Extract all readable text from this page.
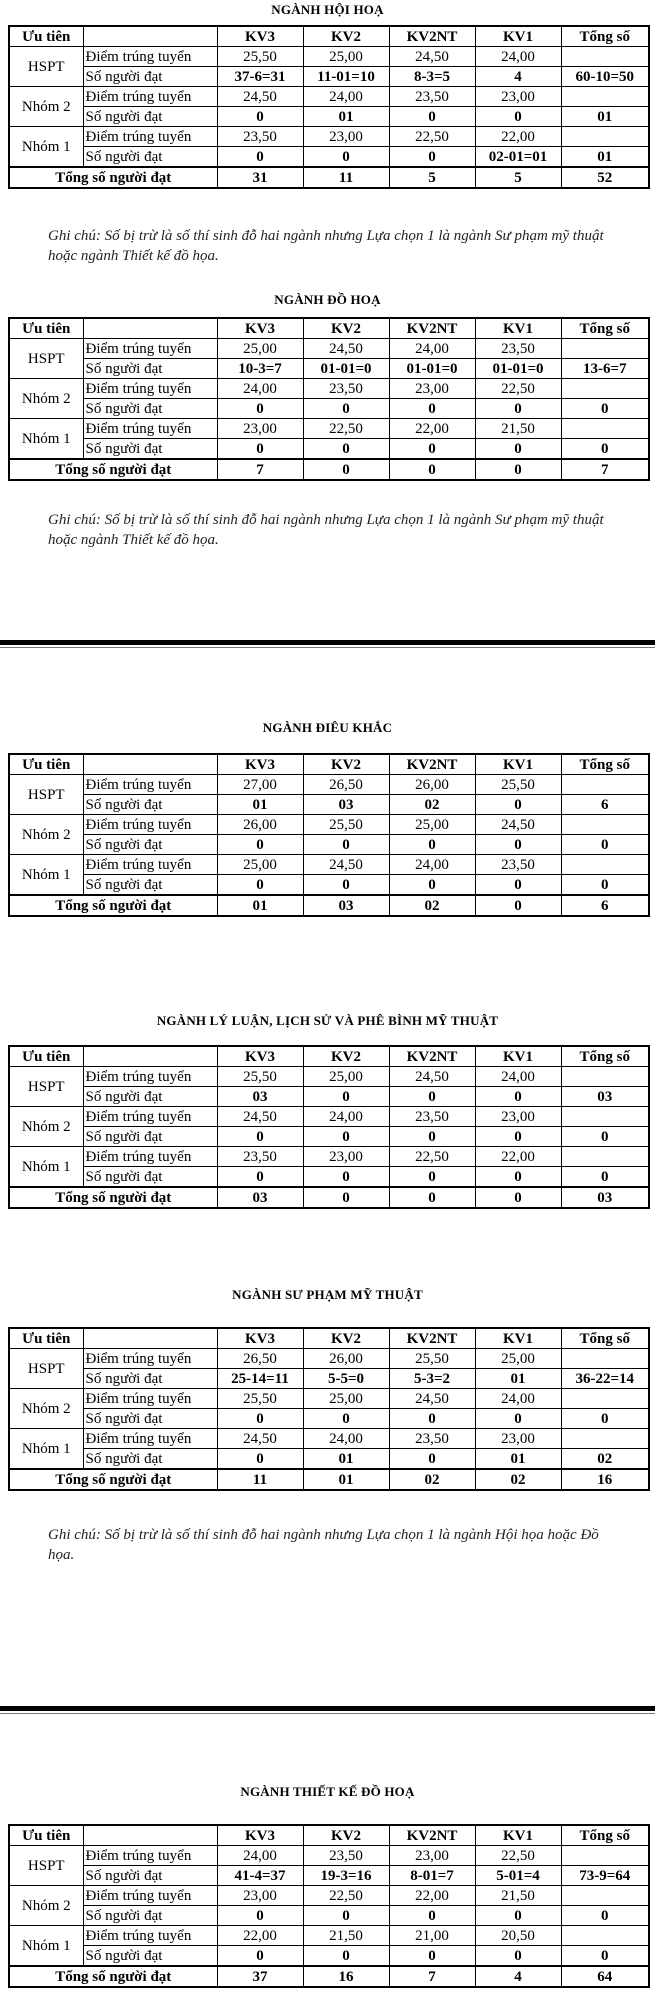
NGÀNH HỘI HOẠ
Ưu tiên		KV3	KV2	KV2NT	KV1	Tổng số
HSPT	Điểm trúng tuyển	25,50	25,00	24,50	24,00	
	Số người đạt	37-6=31	11-01=10	8-3=5	4	60-10=50
Nhóm 2	Điểm trúng tuyển	24,50	24,00	23,50	23,00	
	Số người đạt	0	01	0	0	01
Nhóm 1	Điểm trúng tuyển	23,50	23,00	22,50	22,00	
	Số người đạt	0	0	0	02-01=01	01
Tổng số người đạt		31	11	5	5	52
Ghi chú: Số bị trừ là số thí sinh đỗ hai ngành nhưng Lựa chọn 1 là ngành Sư phạm mỹ thuật hoặc ngành Thiết kế đồ họa.
NGÀNH ĐỒ HOẠ
Ưu tiên		KV3	KV2	KV2NT	KV1	Tổng số
HSPT	Điểm trúng tuyển	25,00	24,50	24,00	23,50	
	Số người đạt	10-3=7	01-01=0	01-01=0	01-01=0	13-6=7
Nhóm 2	Điểm trúng tuyển	24,00	23,50	23,00	22,50	
	Số người đạt	0	0	0	0	0
Nhóm 1	Điểm trúng tuyển	23,00	22,50	22,00	21,50	
	Số người đạt	0	0	0	0	0
Tổng số người đạt		7	0	0	0	7
Ghi chú: Số bị trừ là số thí sinh đỗ hai ngành nhưng Lựa chọn 1 là ngành Sư phạm mỹ thuật hoặc ngành Thiết kế đồ họa.
NGÀNH ĐIÊU KHẮC
Ưu tiên		KV3	KV2	KV2NT	KV1	Tổng số
HSPT	Điểm trúng tuyển	27,00	26,50	26,00	25,50	
	Số người đạt	01	03	02	0	6
Nhóm 2	Điểm trúng tuyển	26,00	25,50	25,00	24,50	
	Số người đạt	0	0	0	0	0
Nhóm 1	Điểm trúng tuyển	25,00	24,50	24,00	23,50	
	Số người đạt	0	0	0	0	0
Tổng số người đạt		01	03	02	0	6
NGÀNH LÝ LUẬN, LỊCH SỬ VÀ PHÊ BÌNH MỸ THUẬT
Ưu tiên		KV3	KV2	KV2NT	KV1	Tổng số
HSPT	Điểm trúng tuyển	25,50	25,00	24,50	24,00	
	Số người đạt	03	0	0	0	03
Nhóm 2	Điểm trúng tuyển	24,50	24,00	23,50	23,00	
	Số người đạt	0	0	0	0	0
Nhóm 1	Điểm trúng tuyển	23,50	23,00	22,50	22,00	
	Số người đạt	0	0	0	0	0
Tổng số người đạt		03	0	0	0	03
NGÀNH SƯ PHẠM MỸ THUẬT
Ưu tiên		KV3	KV2	KV2NT	KV1	Tổng số
HSPT	Điểm trúng tuyển	26,50	26,00	25,50	25,00	
	Số người đạt	25-14=11	5-5=0	5-3=2	01	36-22=14
Nhóm 2	Điểm trúng tuyển	25,50	25,00	24,50	24,00	
	Số người đạt	0	0	0	0	0
Nhóm 1	Điểm trúng tuyển	24,50	24,00	23,50	23,00	
	Số người đạt	0	01	0	01	02
Tổng số người đạt		11	01	02	02	16
Ghi chú: Số bị trừ là số thí sinh đỗ hai ngành nhưng Lựa chọn 1 là ngành Hội họa hoặc Đồ họa.
NGÀNH THIẾT KẾ ĐỒ HOẠ
Ưu tiên		KV3	KV2	KV2NT	KV1	Tổng số
HSPT	Điểm trúng tuyển	24,00	23,50	23,00	22,50	
	Số người đạt	41-4=37	19-3=16	8-01=7	5-01=4	73-9=64
Nhóm 2	Điểm trúng tuyển	23,00	22,50	22,00	21,50	
	Số người đạt	0	0	0	0	0
Nhóm 1	Điểm trúng tuyển	22,00	21,50	21,00	20,50	
	Số người đạt	0	0	0	0	0
Tổng số người đạt		37	16	7	4	64
